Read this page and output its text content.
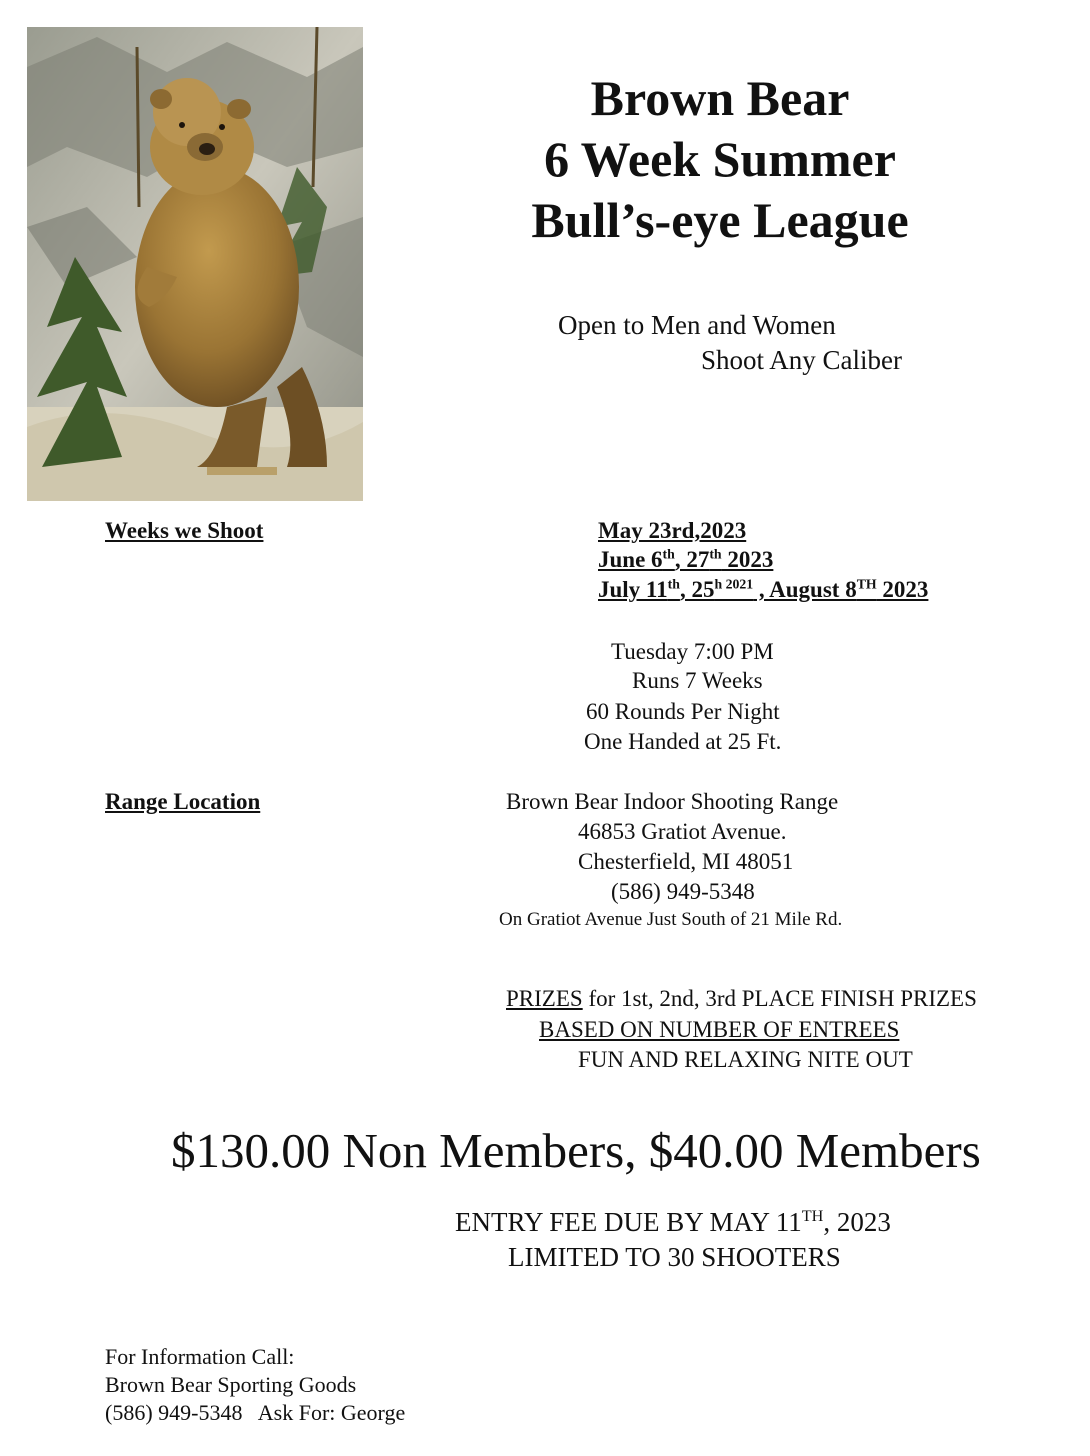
Brown Bear
6 Week Summer
Bull’s-eye League
Open to Men and Women
Shoot Any Caliber
Weeks we Shoot	May 23rd,2023
June 6th, 27th 2023
July 11th, $25^{h 2021}$ , August 8TH 2023
Tuesday 7:00 PM
Runs 7 Weeks
60 Rounds Per Night
One Handed at 25 Ft.
Range Location	Brown Bear Indoor Shooting Range
46853 Gratiot Avenue.
Chesterfield, MI 48051
(586) 949-5348
On Gratiot Avenue Just South of 21 Mile Rd.
PRIZES for 1st, 2nd, 3rd PLACE FINISH PRIZES
BASED ON NUMBER OF ENTREES
FUN AND RELAXING NITE OUT
$130.00 Non Members, $40.00 Members
ENTRY FEE DUE BY MAY 11TH, 2023
LIMITED TO 30 SHOOTERS
For Information Call:
Brown Bear Sporting Goods
(586) 949-5348   Ask For: George
